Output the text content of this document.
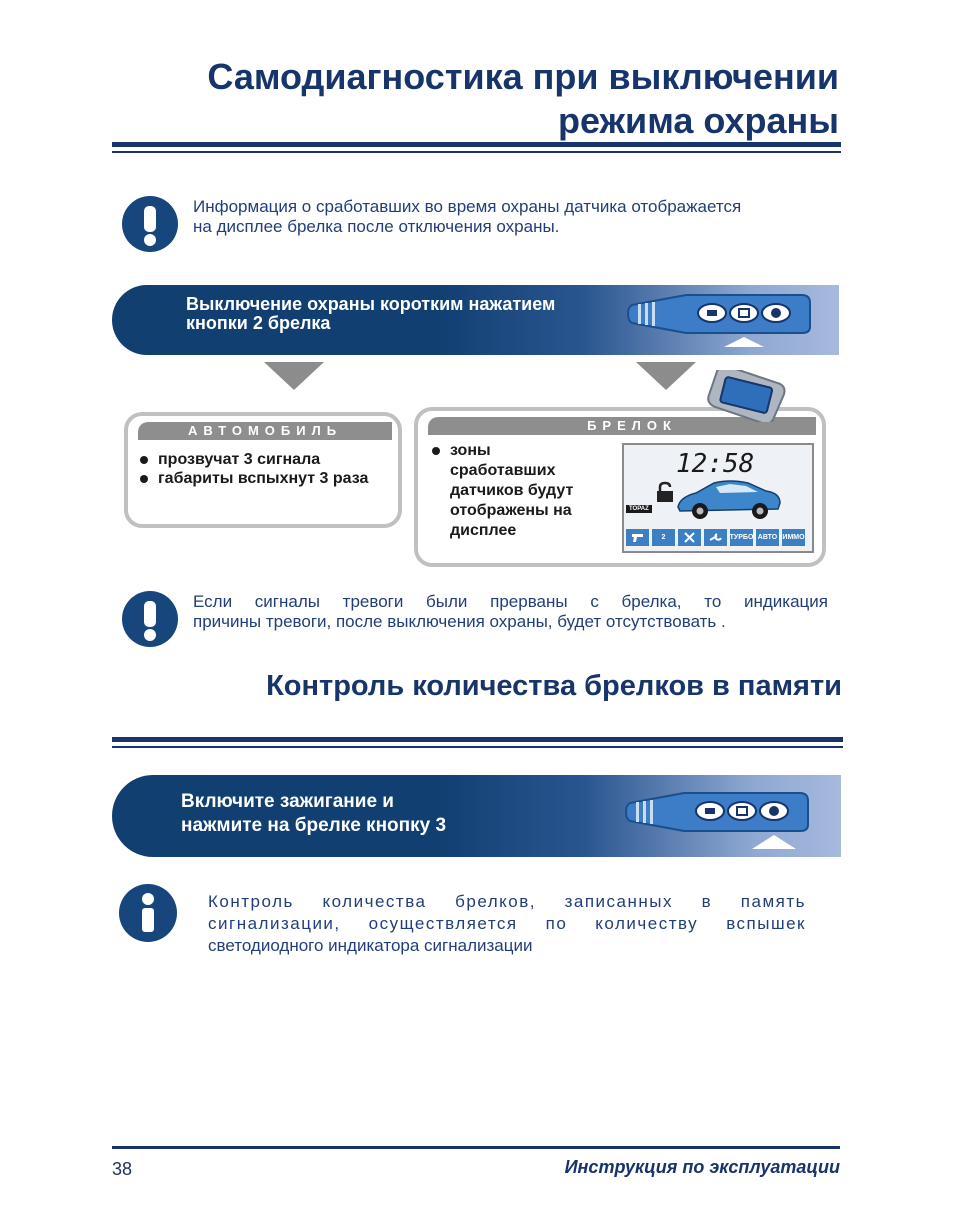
Самодиагностика при выключении
режима охраны
Информация о сработавших во время охраны датчика отображается
на дисплее брелка после отключения охраны.
Выключение охраны коротким нажатием
кнопки 2 брелка
АВТОМОБИЛЬ
прозвучат 3 сигнала
габариты вспыхнут 3 раза
БРЕЛОК
зоны
сработавших
датчиков будут
отображены на
дисплее
12:58
TOPAZ
2	ТУРБО АВТО ИММО
Если сигналы тревоги были прерваны с брелка, то индикация
причины тревоги, после выключения охраны, будет отсутствовать .
Контроль количества брелков в памяти
Включите зажигание и
нажмите на брелке кнопку 3
Контроль количества брелков, записанных в память
сигнализации, осуществляется по количеству вспышек
светодиодного индикатора сигнализации
38	Инструкция по эксплуатации
